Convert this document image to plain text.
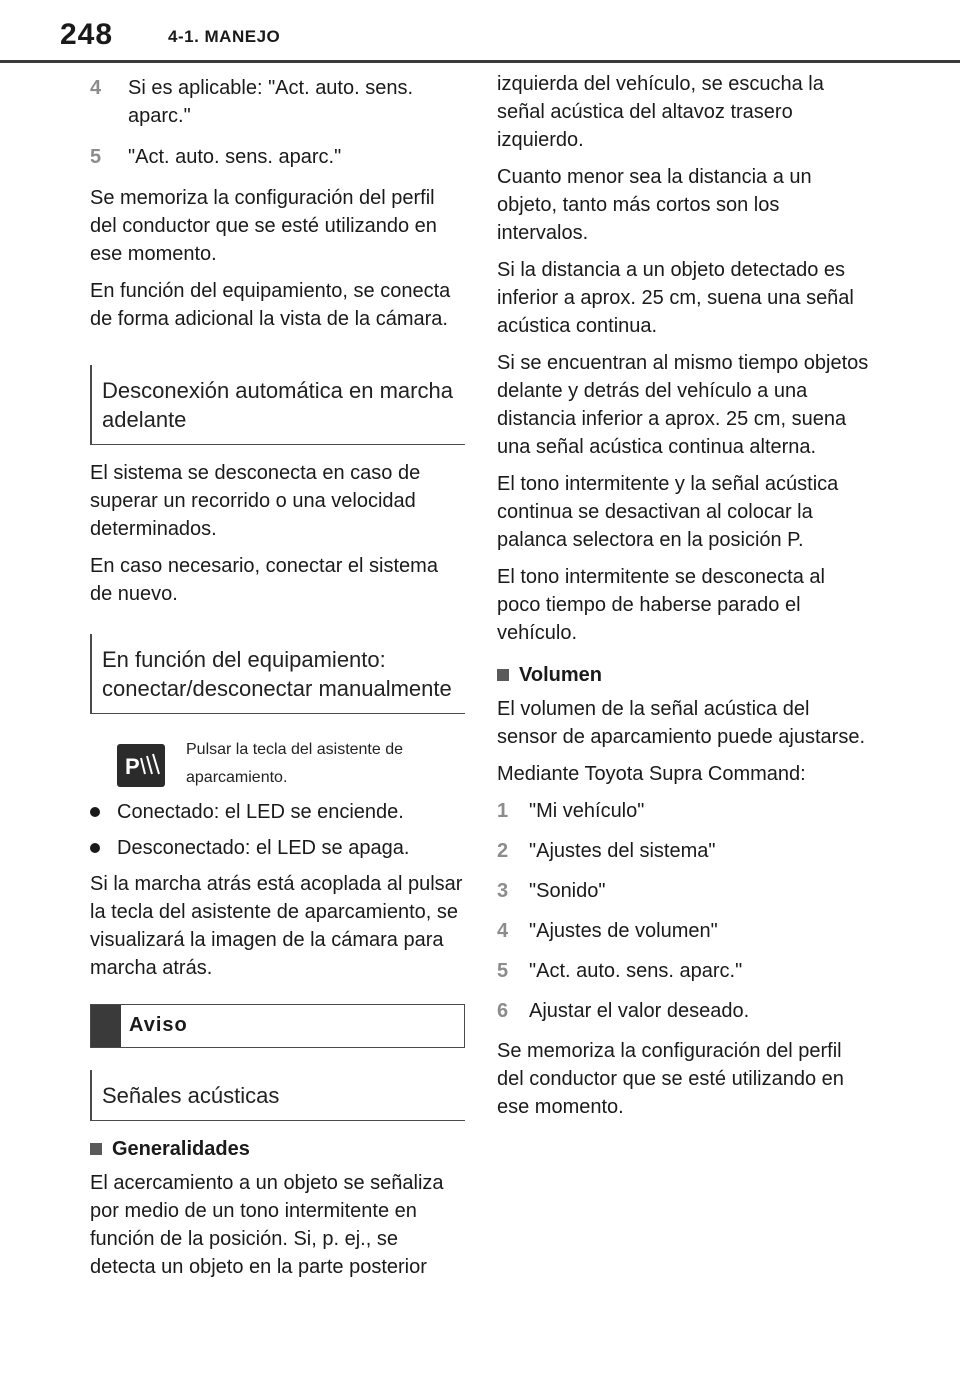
248	4-1. MANEJO
4 Si es aplicable: "Act. auto. sens. aparc."
5 "Act. auto. sens. aparc."

Se memoriza la configuración del perfil del conductor que se esté utilizando en ese momento.

En función del equipamiento, se conecta de forma adicional la vista de la cámara.

Desconexión automática en marcha adelante

El sistema se desconecta en caso de superar un recorrido o una velocidad determinados.

En caso necesario, conectar el sistema de nuevo.

En función del equipamiento: conectar/desconectar manualmente
P
Pulsar la tecla del asistente de aparcamiento.
Conectado: el LED se enciende.
Desconectado: el LED se apaga.

Si la marcha atrás está acoplada al pulsar la tecla del asistente de aparcamiento, se visualizará la imagen de la cámara para marcha atrás.

Aviso
Señales acústicas
Generalidades

El acercamiento a un objeto se señaliza por medio de un tono intermitente en función de la posición. Si, p. ej., se detecta un objeto en la parte posterior

izquierda del vehículo, se escucha la señal acústica del altavoz trasero izquierdo.

Cuanto menor sea la distancia a un objeto, tanto más cortos son los intervalos.

Si la distancia a un objeto detectado es inferior a aprox. 25 cm, suena una señal acústica continua.

Si se encuentran al mismo tiempo objetos delante y detrás del vehículo a una distancia inferior a aprox. 25 cm, suena una señal acústica continua alterna.

El tono intermitente y la señal acústica continua se desactivan al colocar la palanca selectora en la posición P.

El tono intermitente se desconecta al poco tiempo de haberse parado el vehículo.

Volumen

El volumen de la señal acústica del sensor de aparcamiento puede ajustarse.

Mediante Toyota Supra Command:

1 "Mi vehículo"
2 "Ajustes del sistema"
3 "Sonido"
4 "Ajustes de volumen"
5 "Act. auto. sens. aparc."
6 Ajustar el valor deseado.

Se memoriza la configuración del perfil del conductor que se esté utilizando en ese momento.
